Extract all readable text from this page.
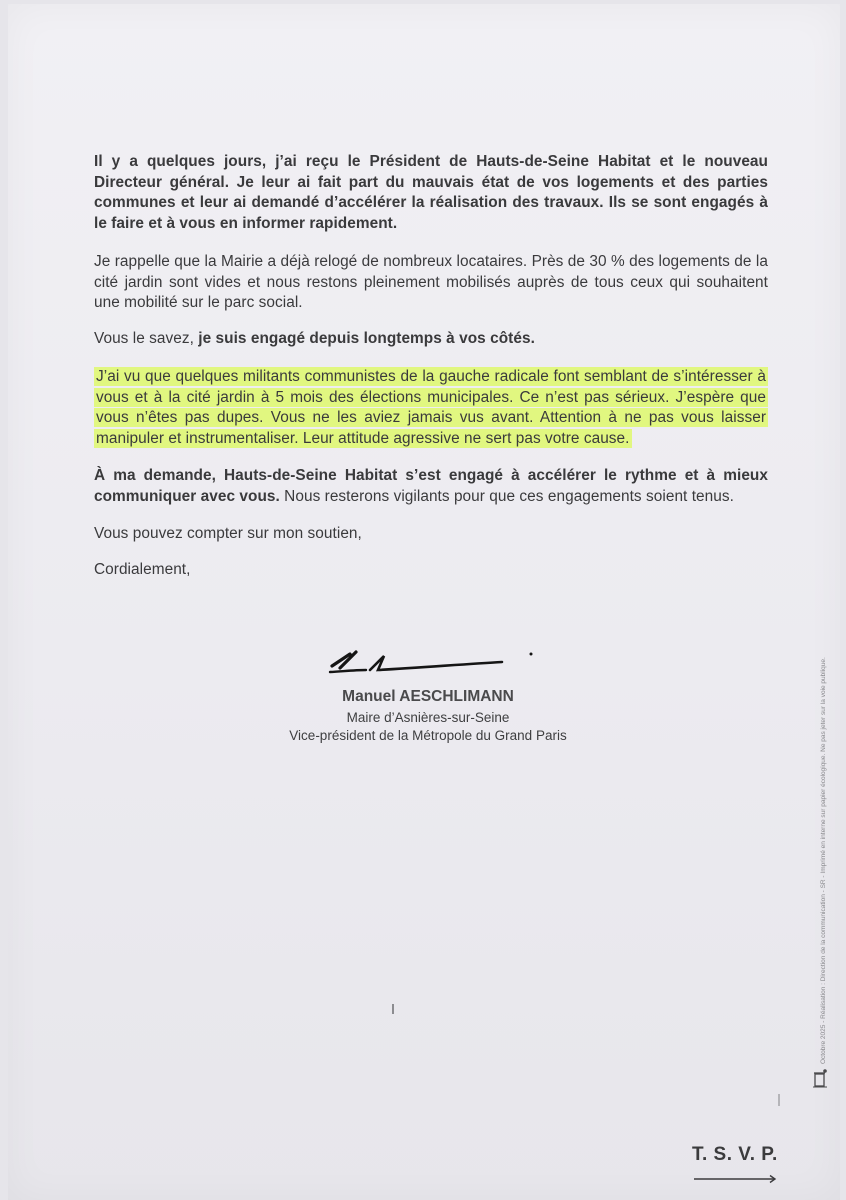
Il y a quelques jours, j’ai reçu le Président de Hauts-de-Seine Habitat et le nouveau Directeur général. Je leur ai fait part du mauvais état de vos logements et des parties communes et leur ai demandé d’accélérer la réalisation des travaux. Ils se sont engagés à le faire et à vous en informer rapidement.

Je rappelle que la Mairie a déjà relogé de nombreux locataires. Près de 30 % des logements de la cité jardin sont vides et nous restons pleinement mobilisés auprès de tous ceux qui souhaitent une mobilité sur le parc social.

Vous le savez, je suis engagé depuis longtemps à vos côtés.

J’ai vu que quelques militants communistes de la gauche radicale font semblant de s’intéresser à vous et à la cité jardin à 5 mois des élections municipales. Ce n’est pas sérieux. J’espère que vous n’êtes pas dupes. Vous ne les aviez jamais vus avant. Attention à ne pas vous laisser manipuler et instrumentaliser. Leur attitude agressive ne sert pas votre cause.

À ma demande, Hauts-de-Seine Habitat s’est engagé à accélérer le rythme et à mieux communiquer avec vous. Nous resterons vigilants pour que ces engagements soient tenus.

Vous pouvez compter sur mon soutien,

Cordialement,

Manuel AESCHLIMANN
Maire d’Asnières-sur-Seine
Vice-président de la Métropole du Grand Paris	Octobre 2025 - Réalisation : Direction de la communication - SR - Imprimé en interne sur papier écologique. Ne pas jeter sur la voie publique.
T. S. V. P.
